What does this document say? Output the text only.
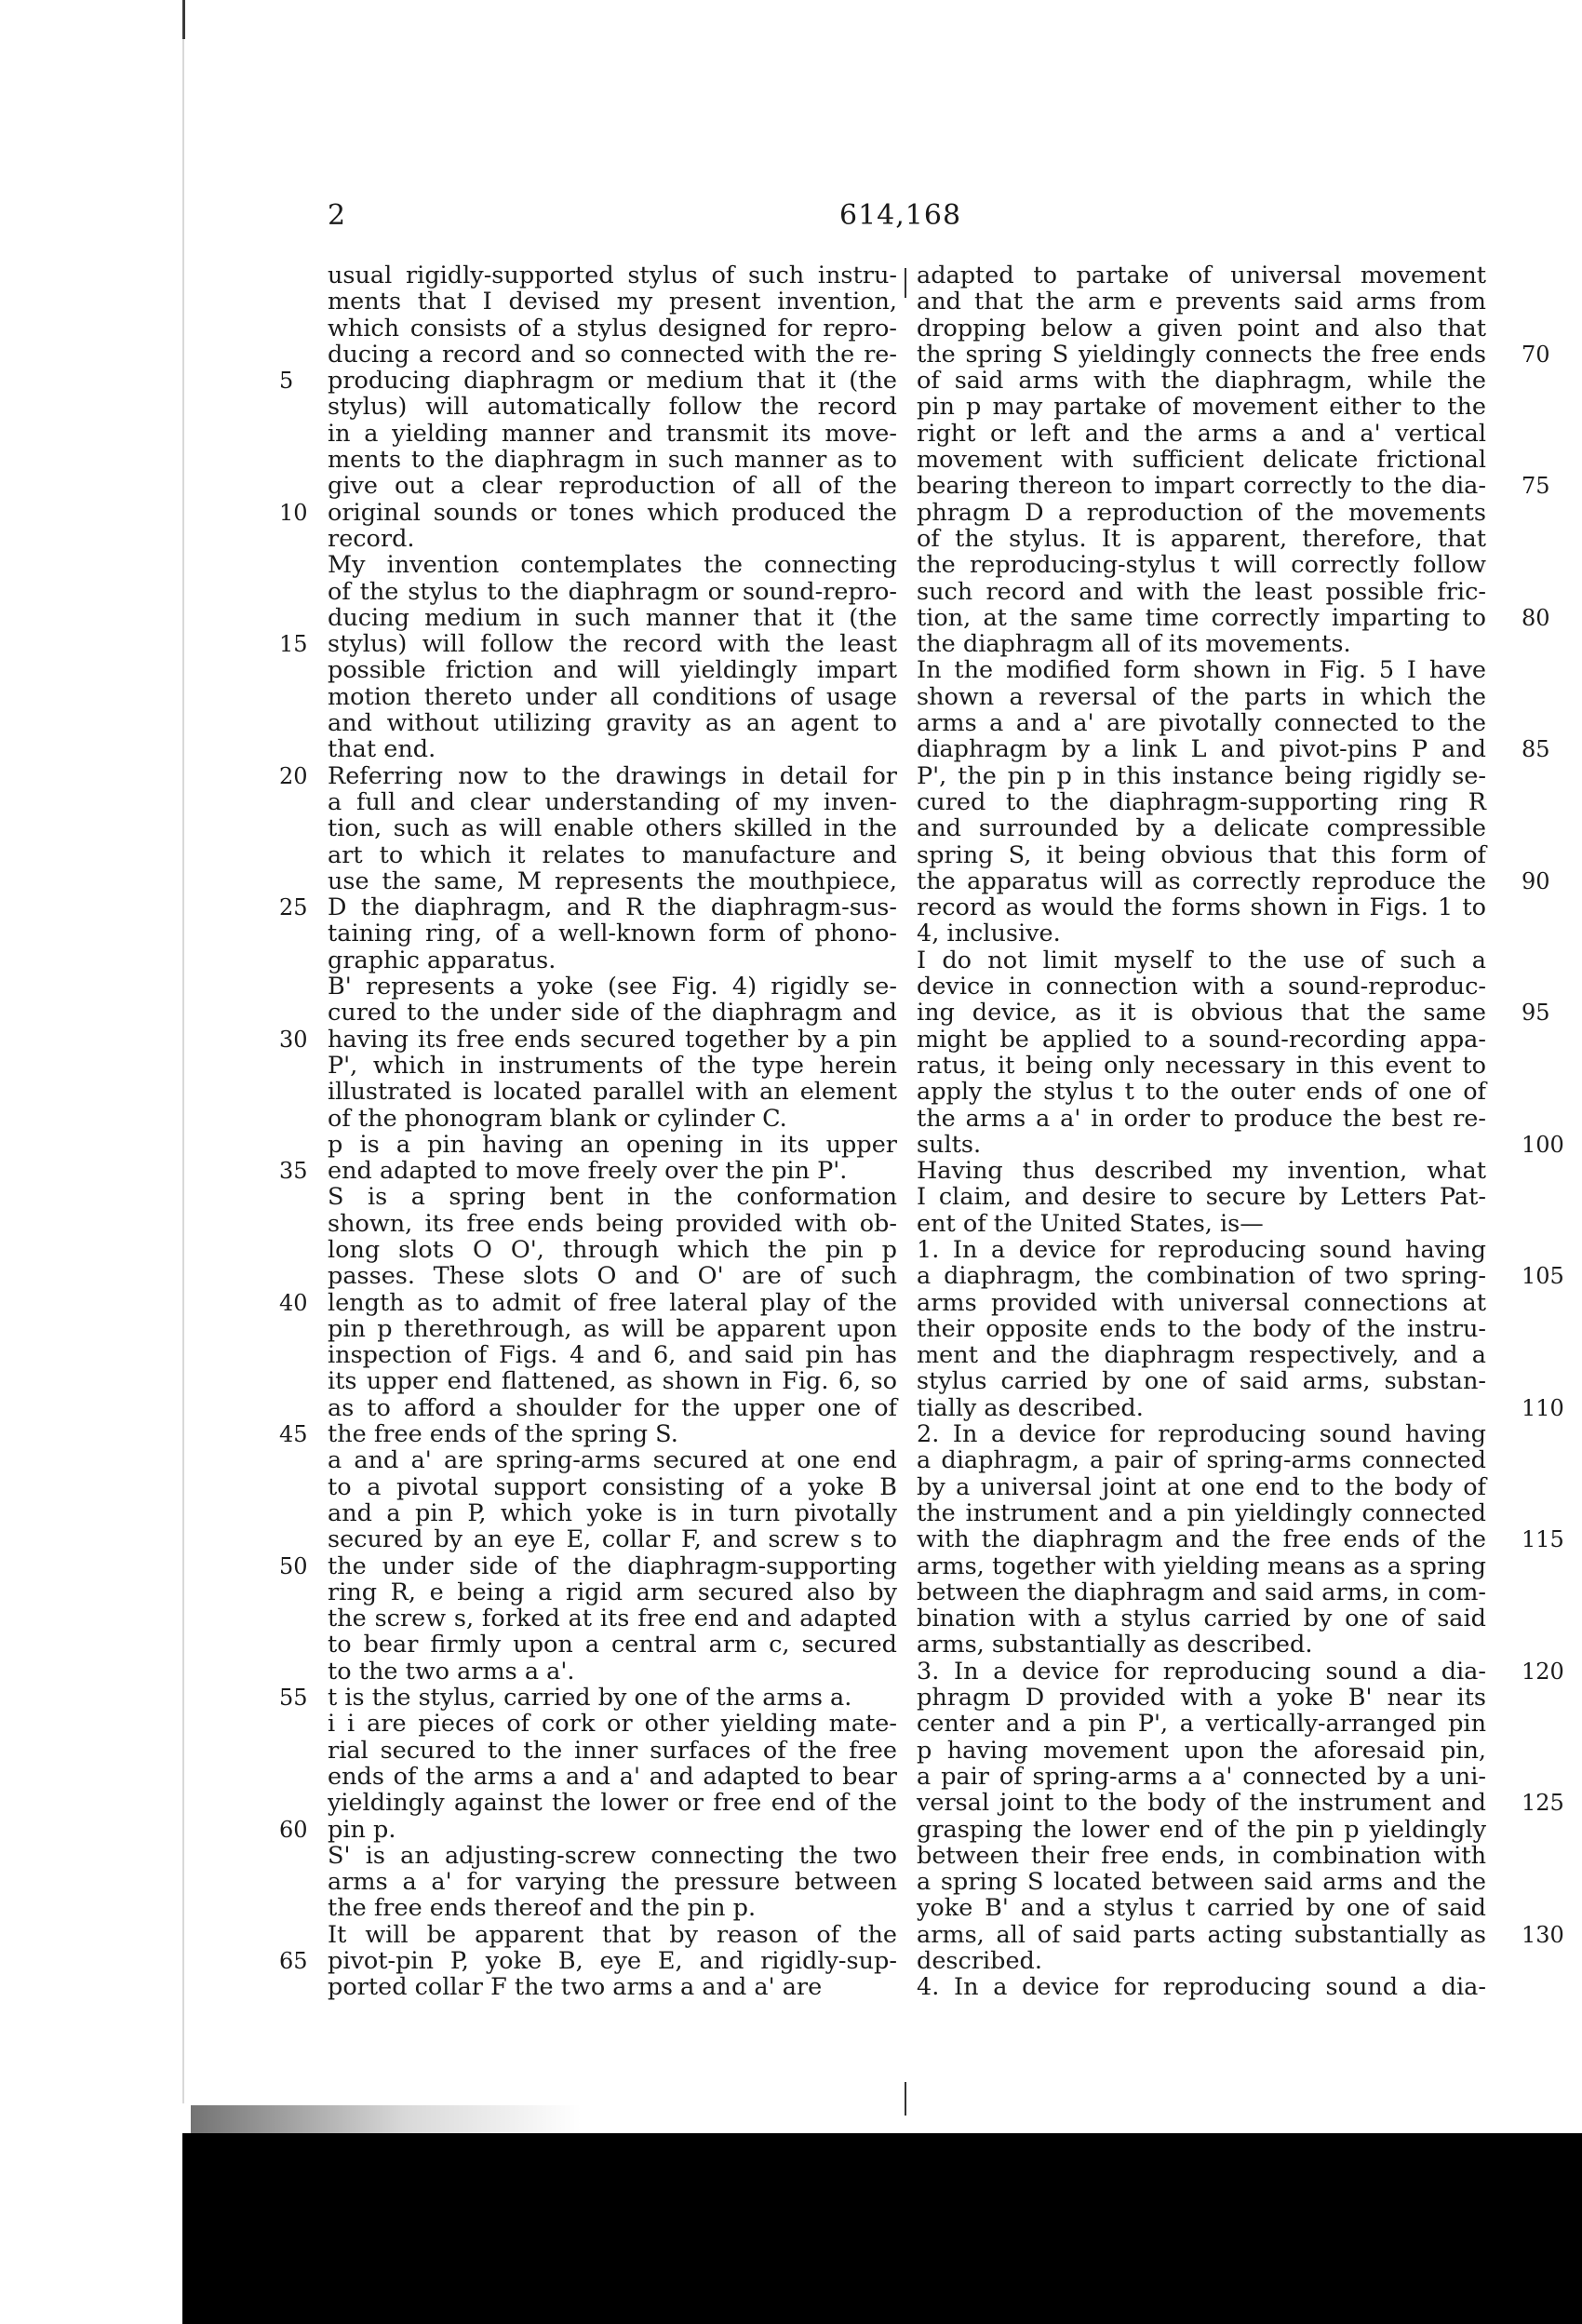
2	614,168

usual rigidly-supported stylus of such instru-

ments that I devised my present invention,

which consists of a stylus designed for repro-

ducing a record and so connected with the re-

producing diaphragm or medium that it (the

stylus) will automatically follow the record

in a yielding manner and transmit its move-

ments to the diaphragm in such manner as to

give out a clear reproduction of all of the

original sounds or tones which produced the

record.

My invention contemplates the connecting

of the stylus to the diaphragm or sound-repro-

ducing medium in such manner that it (the

stylus) will follow the record with the least

possible friction and will yieldingly impart

motion thereto under all conditions of usage

and without utilizing gravity as an agent to

that end.

Referring now to the drawings in detail for

a full and clear understanding of my inven-

tion, such as will enable others skilled in the

art to which it relates to manufacture and

use the same, M represents the mouthpiece,

D the diaphragm, and R the diaphragm-sus-

taining ring, of a well-known form of phono-

graphic apparatus.

B' represents a yoke (see Fig. 4) rigidly se-

cured to the under side of the diaphragm and

having its free ends secured together by a pin

P', which in instruments of the type herein

illustrated is located parallel with an element

of the phonogram blank or cylinder C.

p is a pin having an opening in its upper

end adapted to move freely over the pin P'.

S is a spring bent in the conformation

shown, its free ends being provided with ob-

long slots O O', through which the pin p

passes. These slots O and O' are of such

length as to admit of free lateral play of the

pin p therethrough, as will be apparent upon

inspection of Figs. 4 and 6, and said pin has

its upper end flattened, as shown in Fig. 6, so

as to afford a shoulder for the upper one of

the free ends of the spring S.

a and a' are spring-arms secured at one end

to a pivotal support consisting of a yoke B

and a pin P, which yoke is in turn pivotally

secured by an eye E, collar F, and screw s to

the under side of the diaphragm-supporting

ring R, e being a rigid arm secured also by

the screw s, forked at its free end and adapted

to bear firmly upon a central arm c, secured

to the two arms a a'.

t is the stylus, carried by one of the arms a.

i i are pieces of cork or other yielding mate-

rial secured to the inner surfaces of the free

ends of the arms a and a' and adapted to bear

yieldingly against the lower or free end of the

pin p.

S' is an adjusting-screw connecting the two

arms a a' for varying the pressure between

the free ends thereof and the pin p.

It will be apparent that by reason of the

pivot-pin P, yoke B, eye E, and rigidly-sup-

ported collar F the two arms a and a' are

adapted to partake of universal movement

and that the arm e prevents said arms from

dropping below a given point and also that

the spring S yieldingly connects the free ends

of said arms with the diaphragm, while the

pin p may partake of movement either to the

right or left and the arms a and a' vertical

movement with sufficient delicate frictional

bearing thereon to impart correctly to the dia-

phragm D a reproduction of the movements

of the stylus. It is apparent, therefore, that

the reproducing-stylus t will correctly follow

such record and with the least possible fric-

tion, at the same time correctly imparting to

the diaphragm all of its movements.

In the modified form shown in Fig. 5 I have

shown a reversal of the parts in which the

arms a and a' are pivotally connected to the

diaphragm by a link L and pivot-pins P and

P', the pin p in this instance being rigidly se-

cured to the diaphragm-supporting ring R

and surrounded by a delicate compressible

spring S, it being obvious that this form of

the apparatus will as correctly reproduce the

record as would the forms shown in Figs. 1 to

4, inclusive.

I do not limit myself to the use of such a

device in connection with a sound-reproduc-

ing device, as it is obvious that the same

might be applied to a sound-recording appa-

ratus, it being only necessary in this event to

apply the stylus t to the outer ends of one of

the arms a a' in order to produce the best re-

sults.

Having thus described my invention, what

I claim, and desire to secure by Letters Pat-

ent of the United States, is—

1. In a device for reproducing sound having

a diaphragm, the combination of two spring-

arms provided with universal connections at

their opposite ends to the body of the instru-

ment and the diaphragm respectively, and a

stylus carried by one of said arms, substan-

tially as described.

2. In a device for reproducing sound having

a diaphragm, a pair of spring-arms connected

by a universal joint at one end to the body of

the instrument and a pin yieldingly connected

with the diaphragm and the free ends of the

arms, together with yielding means as a spring

between the diaphragm and said arms, in com-

bination with a stylus carried by one of said

arms, substantially as described.

3. In a device for reproducing sound a dia-

phragm D provided with a yoke B' near its

center and a pin P', a vertically-arranged pin

p having movement upon the aforesaid pin,

a pair of spring-arms a a' connected by a uni-

versal joint to the body of the instrument and

grasping the lower end of the pin p yieldingly

between their free ends, in combination with

a spring S located between said arms and the

yoke B' and a stylus t carried by one of said

arms, all of said parts acting substantially as

described.

4. In a device for reproducing sound a dia-

5
10
15
20
25
30
35
40
45
50
55
60
65
70
75
80
85
90
95
100
105
110
115
120
125
130
